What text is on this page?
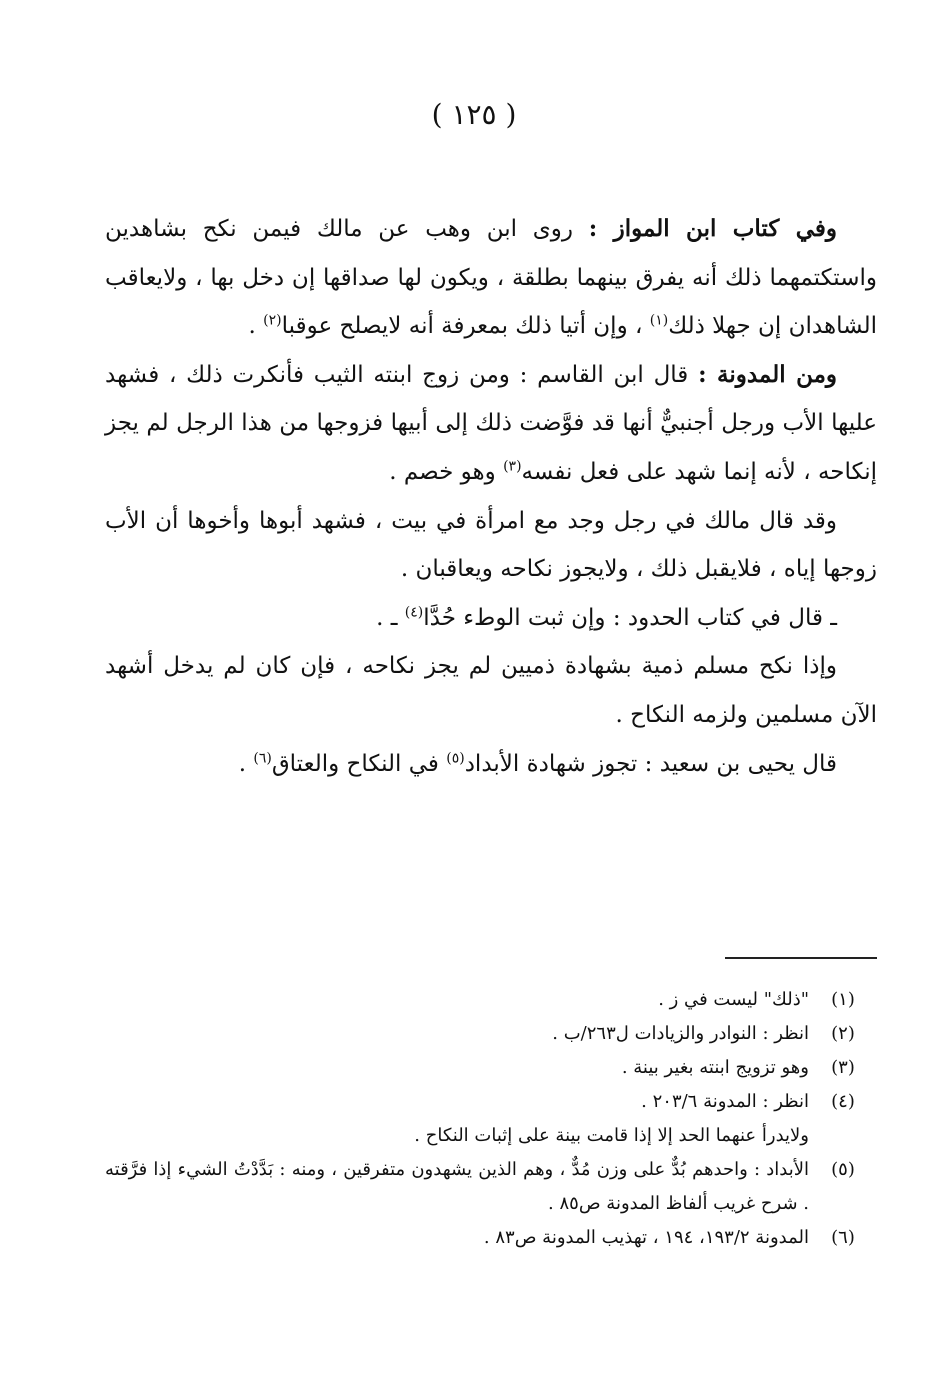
( ١٢٥ )

وفي كتاب ابن المواز : روى ابن وهب عن مالك فيمن نكح بشاهدين واستكتمهما ذلك أنه يفرق بينهما بطلقة ، ويكون لها صداقها إن دخل بها ، ولايعاقب الشاهدان إن جهلا ذلك$^{(١)}$ ، وإن أتيا ذلك بمعرفة أنه لايصلح عوقبا$^{(٢)}$ .

ومن المدونة : قال ابن القاسم : ومن زوج ابنته الثيب فأنكرت ذلك ، فشهد عليها الأب ورجل أجنبيٌّ أنها قد فوَّضت ذلك إلى أبيها فزوجها من هذا الرجل لم يجز إنكاحه ، لأنه إنما شهد على فعل نفسه$^{(٣)}$ وهو خصم .

وقد قال مالك في رجل وجد مع امرأة في بيت ، فشهد أبوها وأخوها أن الأب زوجها إياه ، فلايقبل ذلك ، ولايجوز نكاحه ويعاقبان .

ـ قال في كتاب الحدود : وإن ثبت الوطء حُدَّا$^{(٤)}$ ـ .

وإذا نكح مسلم ذمية بشهادة ذميين لم يجز نكاحه ، فإن كان لم يدخل أشهد الآن مسلمين ولزمه النكاح .

قال يحيى بن سعيد : تجوز شهادة الأبداد$^{(٥)}$ في النكاح والعتاق$^{(٦)}$ .

(١)
"ذلك" ليست في ز .
(٢)
انظر : النوادر والزيادات ل٢٦٣/ب .
(٣)
وهو تزويج ابنته بغير بينة .
(٤)
انظر : المدونة ٢٠٣/٦ .
ولايدرأ عنهما الحد إلا إذا قامت بينة على إثبات النكاح .
(٥)
الأبداد : واحدهم بُدٌّ على وزن مُدٌّ ، وهم الذين يشهدون متفرقين ، ومنه : بَدَّدْتُ الشيء إذا فرَّقته . شرح غريب ألفاظ المدونة ص٨٥ .
(٦)
المدونة ١٩٣/٢، ١٩٤ ، تهذيب المدونة ص٨٣ .
